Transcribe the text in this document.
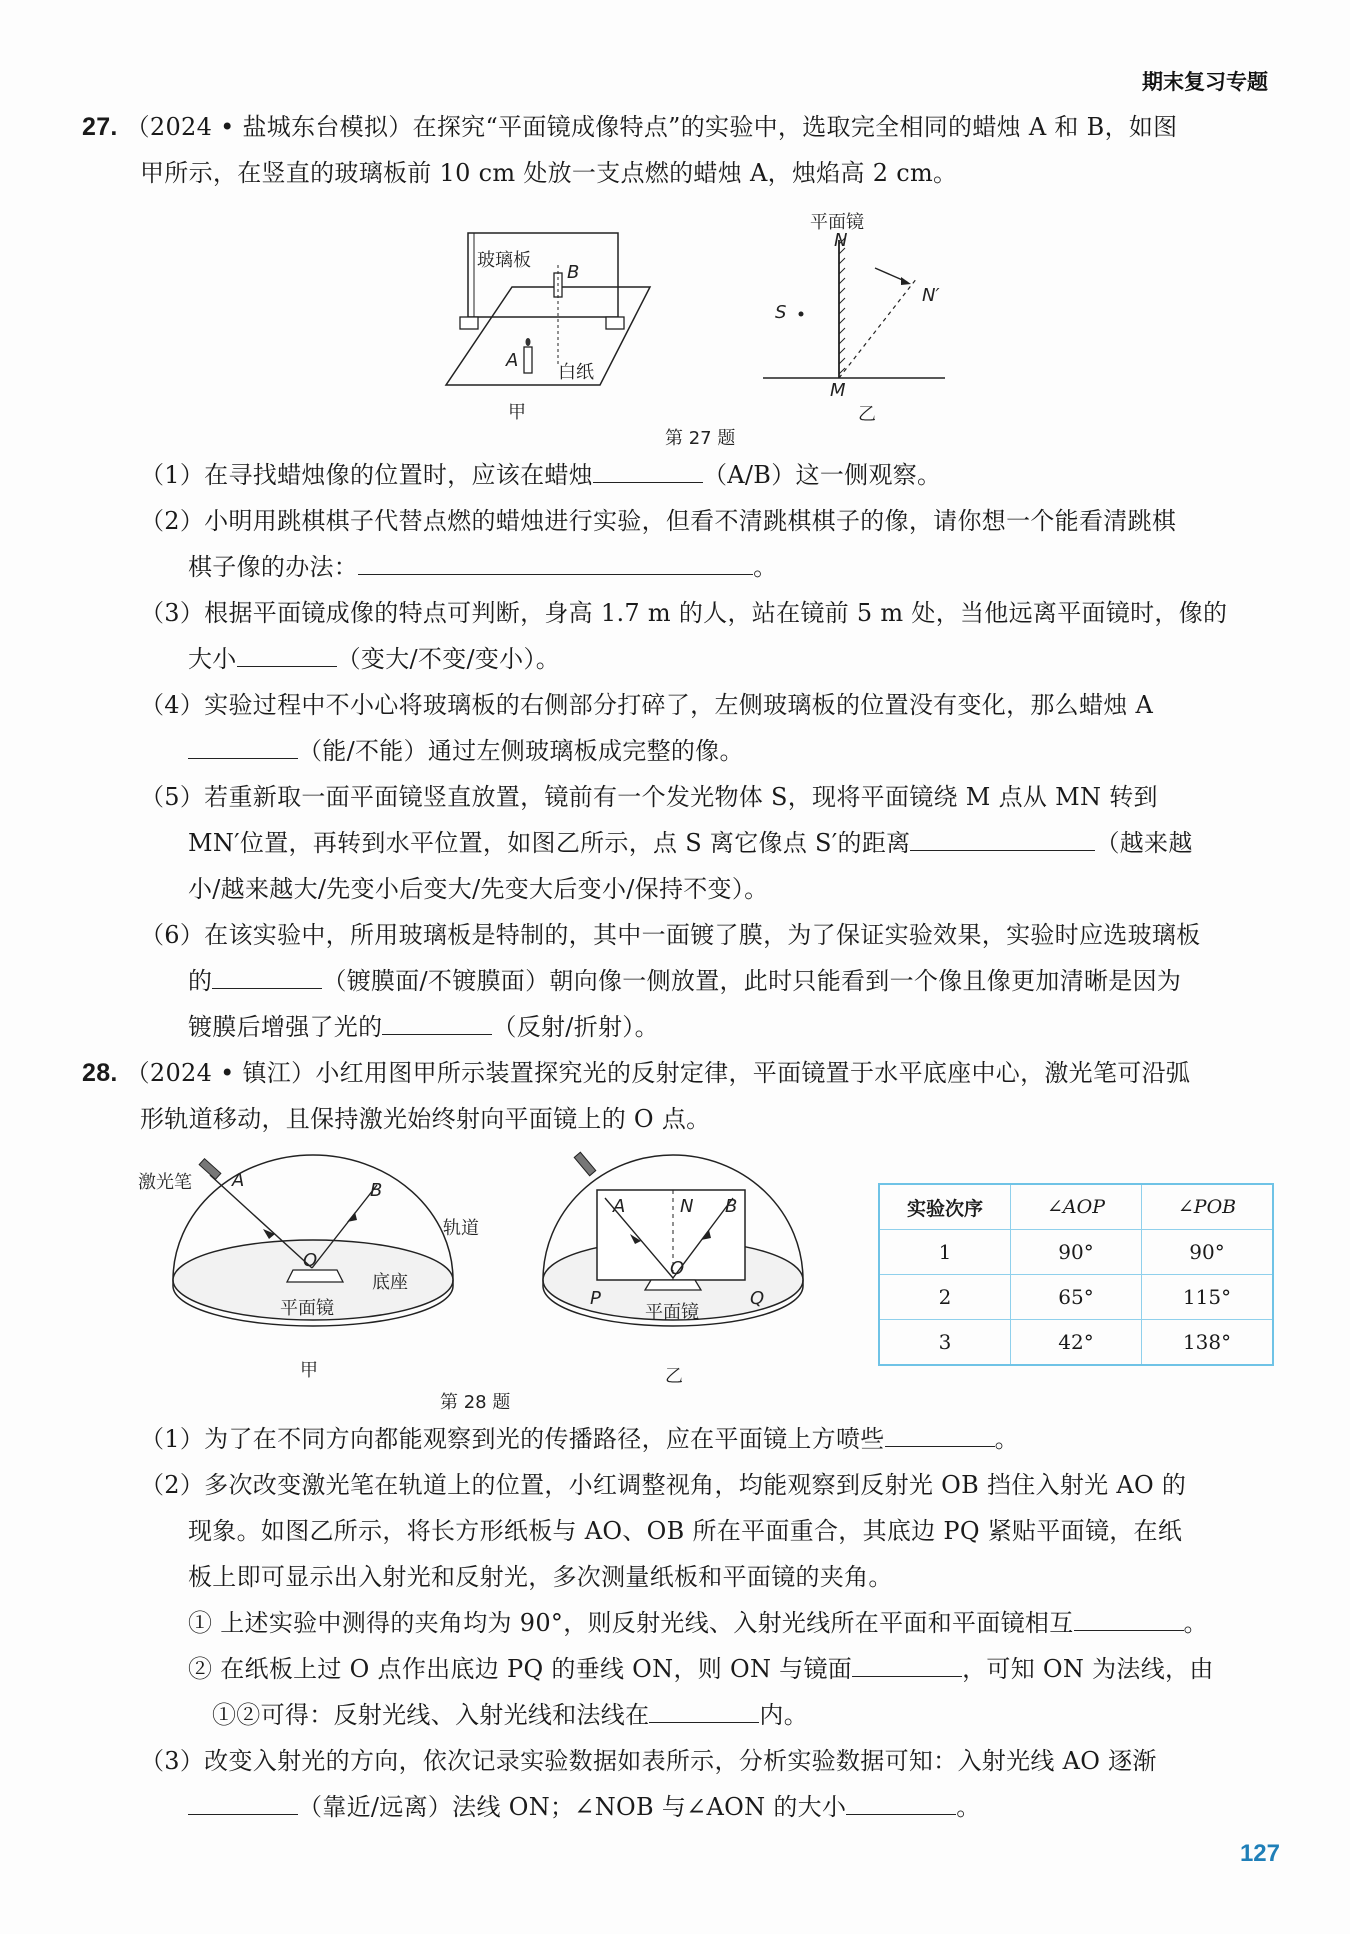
期末复习专题
27. （2024 • 盐城东台模拟）在探究“平面镜成像特点”的实验中，选取完全相同的蜡烛 A 和 B，如图
甲所示，在竖直的玻璃板前 10 cm 处放一支点燃的蜡烛 A，烛焰高 2 cm。
玻璃板
B
A
白纸
甲
平面镜
N
N′
S
M
乙
第 27 题
（1）在寻找蜡烛像的位置时，应该在蜡烛	（A/B）这一侧观察。
（2）小明用跳棋棋子代替点燃的蜡烛进行实验，但看不清跳棋棋子的像，请你想一个能看清跳棋
棋子像的办法：	。
（3）根据平面镜成像的特点可判断，身高 1.7 m 的人，站在镜前 5 m 处，当他远离平面镜时，像的
大小	（变大/不变/变小）。
（4）实验过程中不小心将玻璃板的右侧部分打碎了，左侧玻璃板的位置没有变化，那么蜡烛 A
（能/不能）通过左侧玻璃板成完整的像。
（5）若重新取一面平面镜竖直放置，镜前有一个发光物体 S，现将平面镜绕 M 点从 MN 转到
MN′位置，再转到水平位置，如图乙所示，点 S 离它像点 S′的距离	（越来越
小/越来越大/先变小后变大/先变大后变小/保持不变）。
（6）在该实验中，所用玻璃板是特制的，其中一面镀了膜，为了保证实验效果，实验时应选玻璃板
的	（镀膜面/不镀膜面）朝向像一侧放置，此时只能看到一个像且像更加清晰是因为
镀膜后增强了光的	（反射/折射）。
28. （2024 • 镇江）小红用图甲所示装置探究光的反射定律，平面镜置于水平底座中心，激光笔可沿弧
形轨道移动，且保持激光始终射向平面镜上的 O 点。
激光笔 A	B
轨道
O
底座
平面镜
甲
A	N B
O
P	Q
平面镜
乙
第 28 题
实验次序	∠AOP	∠POB
1	90°	90°
2	65°	115°
3	42°	138°
（1）为了在不同方向都能观察到光的传播路径，应在平面镜上方喷些	。
（2）多次改变激光笔在轨道上的位置，小红调整视角，均能观察到反射光 OB 挡住入射光 AO 的
现象。如图乙所示，将长方形纸板与 AO、OB 所在平面重合，其底边 PQ 紧贴平面镜，在纸
板上即可显示出入射光和反射光，多次测量纸板和平面镜的夹角。
① 上述实验中测得的夹角均为 90°，则反射光线、入射光线所在平面和平面镜相互	。
② 在纸板上过 O 点作出底边 PQ 的垂线 ON，则 ON 与镜面	，可知 ON 为法线，由
①②可得：反射光线、入射光线和法线在	内。
（3）改变入射光的方向，依次记录实验数据如表所示，分析实验数据可知：入射光线 AO 逐渐
（靠近/远离）法线 ON；∠NOB 与∠AON 的大小	。
127
